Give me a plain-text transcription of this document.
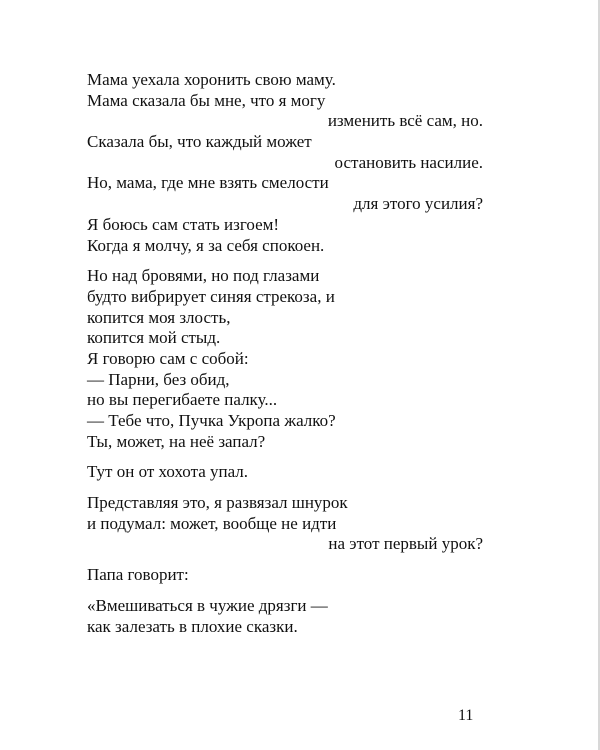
Мама уехала хоронить свою маму.
Мама сказала бы мне, что я могу
изменить всё сам, но.
Сказала бы, что каждый может
остановить насилие.
Но, мама, где мне взять смелости
для этого усилия?
Я боюсь сам стать изгоем!
Когда я молчу, я за себя спокоен.
Но над бровями, но под глазами
будто вибрирует синяя стрекоза, и
копится моя злость,
копится мой стыд.
Я говорю сам с собой:
— Парни, без обид,
но вы перегибаете палку...
— Тебе что, Пучка Укропа жалко?
Ты, может, на неё запал?
Тут он от хохота упал.
Представляя это, я развязал шнурок
и подумал: может, вообще не идти
на этот первый урок?
Папа говорит:
«Вмешиваться в чужие дрязги —
как залезать в плохие сказки.
11
